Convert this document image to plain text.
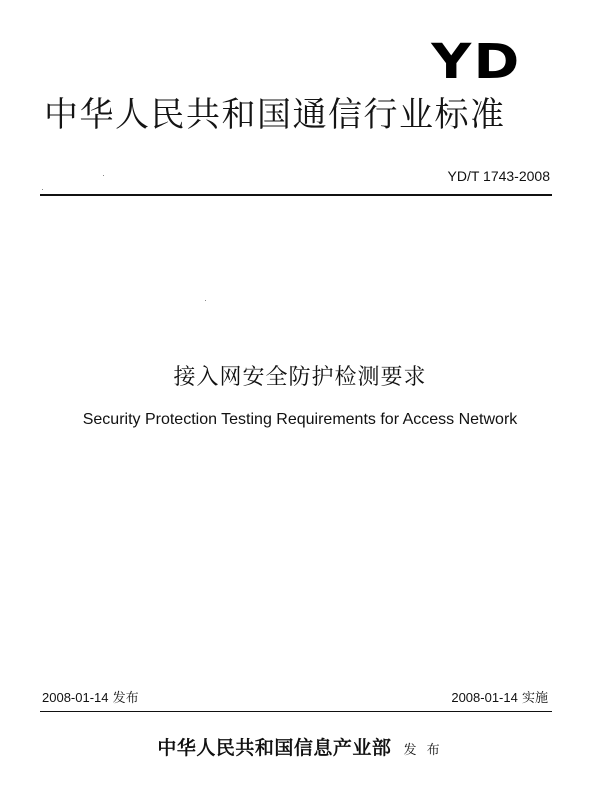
YD
中华人民共和国通信行业标准
YD/T 1743-2008
接入网安全防护检测要求
Security Protection Testing Requirements for Access Network
2008-01-14 发布	2008-01-14 实施
中华人民共和国信息产业部 发 布
